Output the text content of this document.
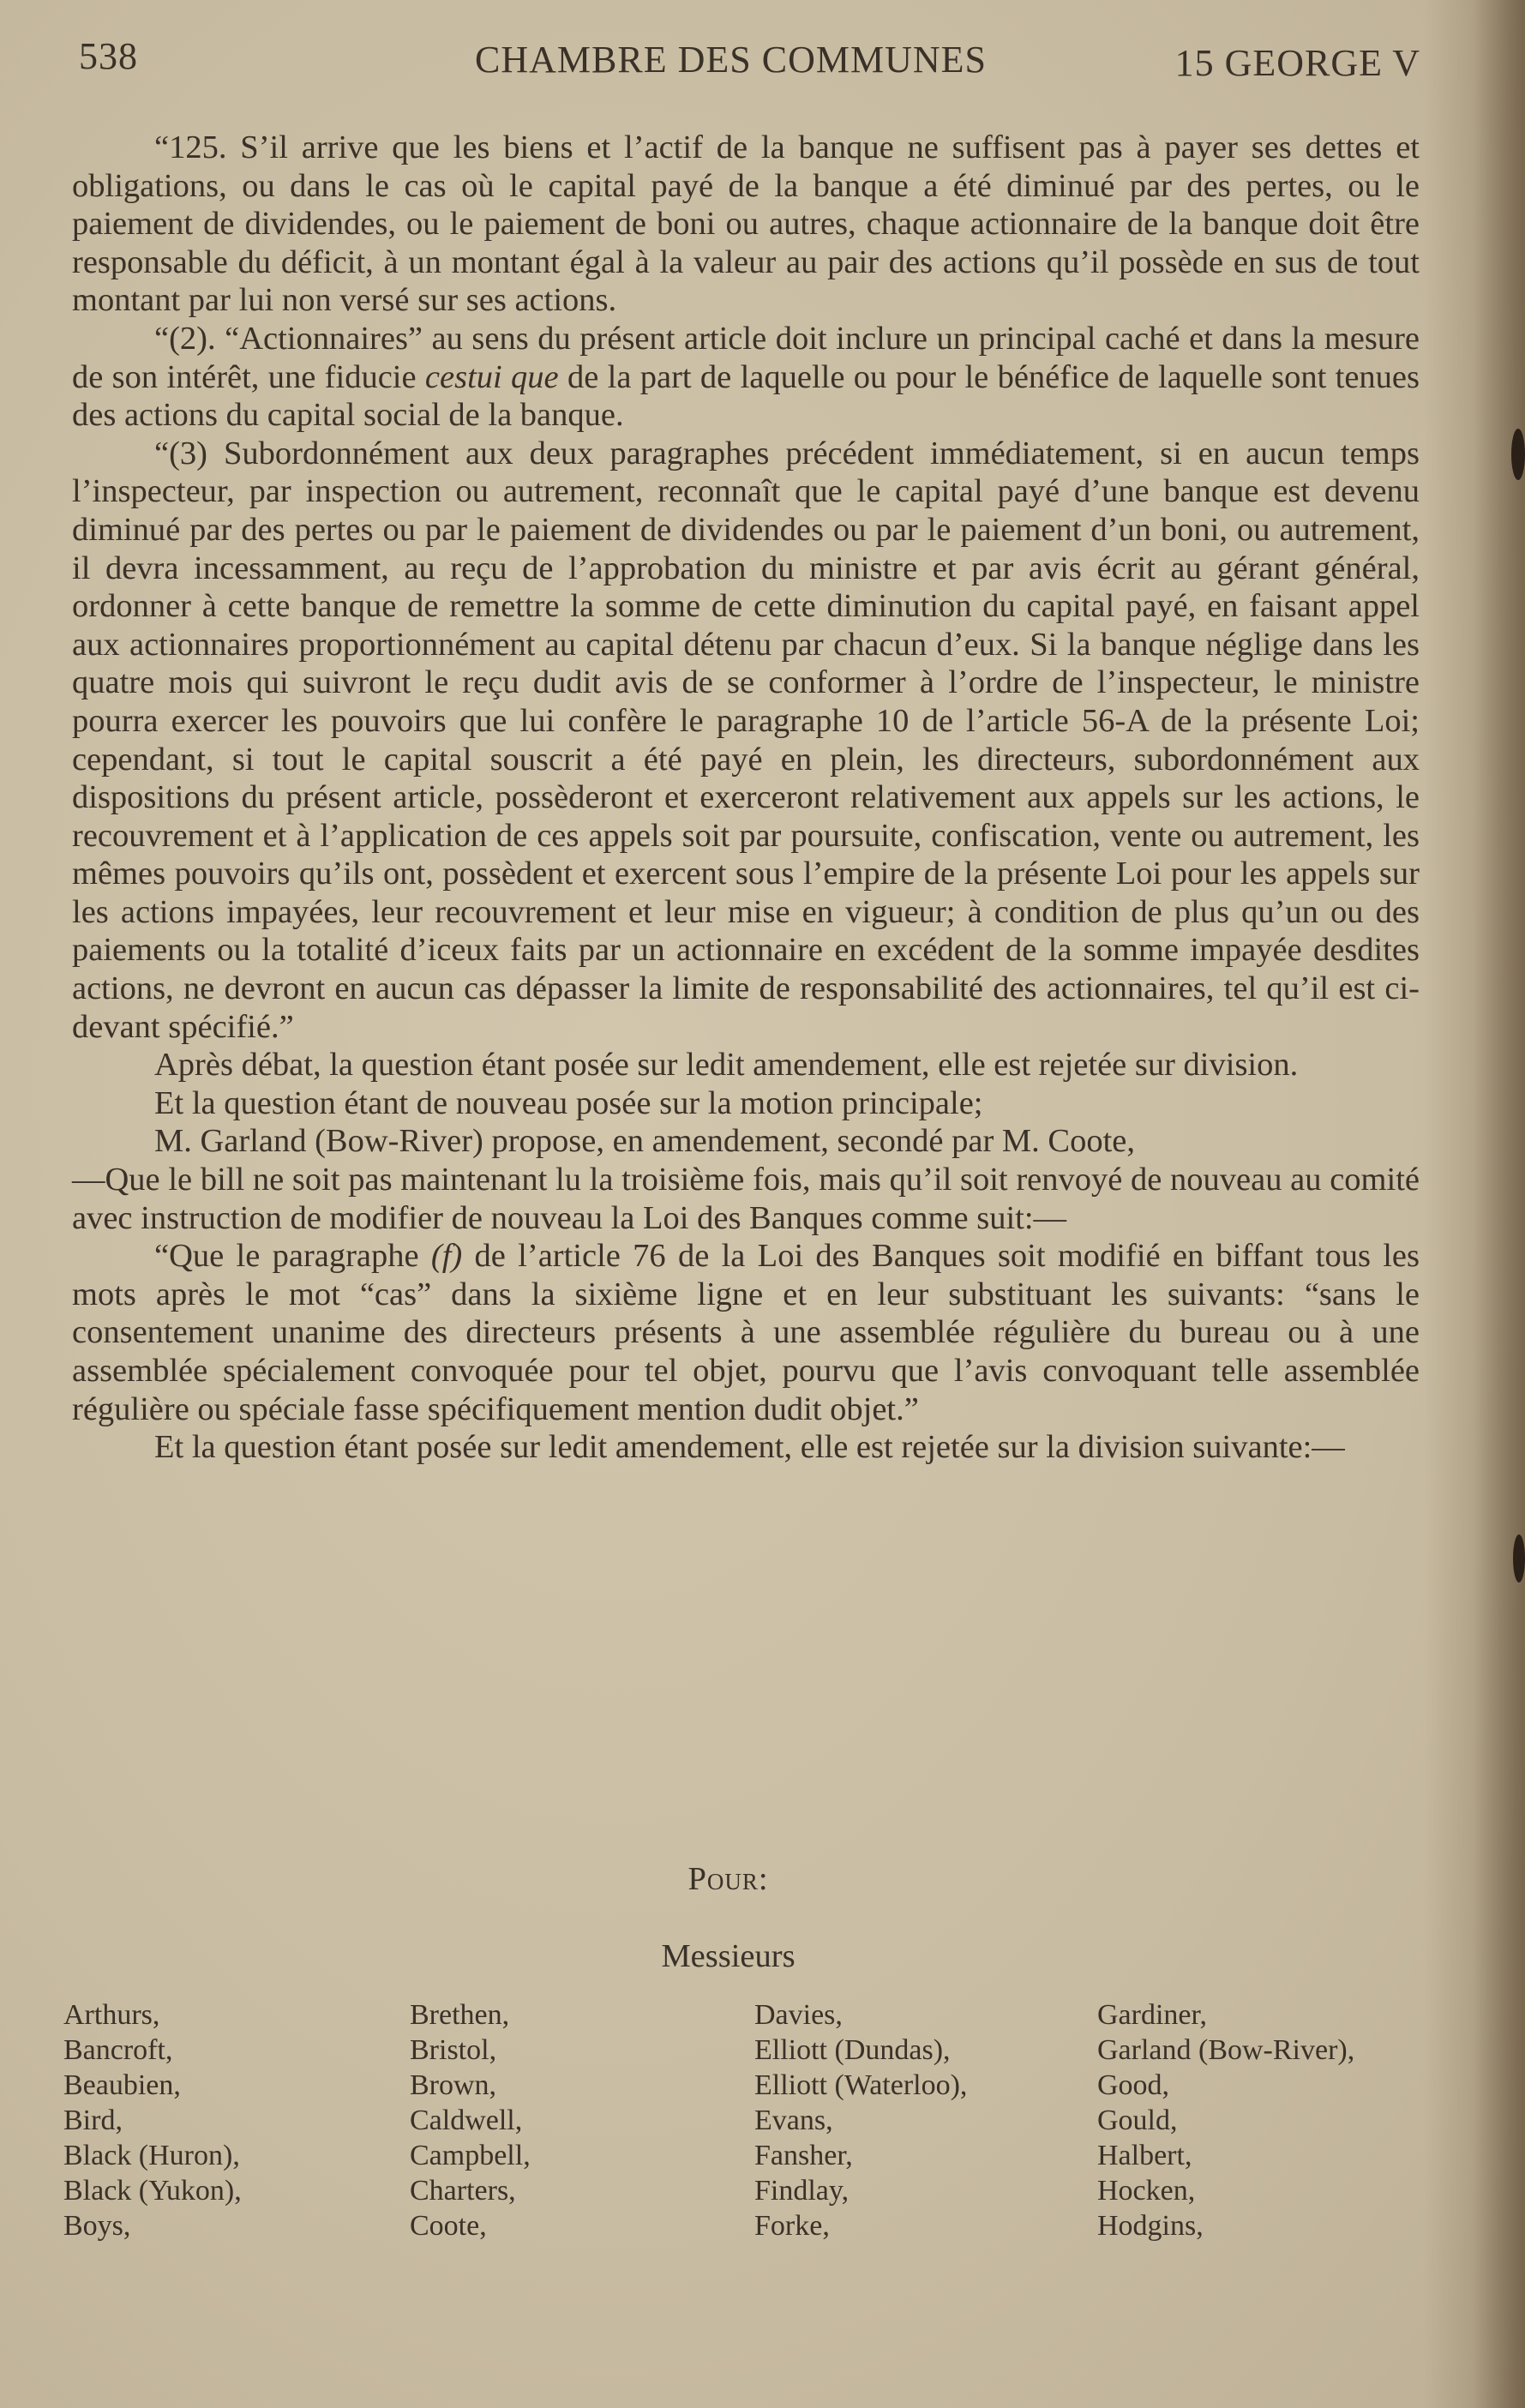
538	CHAMBRE DES COMMUNES	15 GEORGE V

“125. S’il arrive que les biens et l’actif de la banque ne suffisent pas à payer ses dettes et obligations, ou dans le cas où le capital payé de la banque a été diminué par des pertes, ou le paiement de dividendes, ou le paiement de boni ou autres, chaque actionnaire de la banque doit être responsable du déficit, à un montant égal à la valeur au pair des actions qu’il possède en sus de tout montant par lui non versé sur ses actions.

“(2). “Actionnaires” au sens du présent article doit inclure un principal caché et dans la mesure de son intérêt, une fiducie cestui que de la part de laquelle ou pour le bénéfice de laquelle sont tenues des actions du capital social de la banque.

“(3) Subordonnément aux deux paragraphes précédent immédiatement, si en aucun temps l’inspecteur, par inspection ou autrement, reconnaît que le capital payé d’une banque est devenu diminué par des pertes ou par le paiement de dividendes ou par le paiement d’un boni, ou autrement, il devra incessamment, au reçu de l’approbation du ministre et par avis écrit au gérant général, ordonner à cette banque de remettre la somme de cette diminution du capital payé, en faisant appel aux actionnaires proportionnément au capital détenu par chacun d’eux. Si la banque néglige dans les quatre mois qui suivront le reçu dudit avis de se conformer à l’ordre de l’inspecteur, le ministre pourra exercer les pouvoirs que lui confère le paragraphe 10 de l’article 56-A de la présente Loi; cependant, si tout le capital souscrit a été payé en plein, les directeurs, subordonnément aux dispositions du présent article, possèderont et exerceront relativement aux appels sur les actions, le recouvrement et à l’application de ces appels soit par poursuite, confiscation, vente ou autrement, les mêmes pouvoirs qu’ils ont, possèdent et exercent sous l’empire de la présente Loi pour les appels sur les actions impayées, leur recouvrement et leur mise en vigueur; à condition de plus qu’un ou des paiements ou la totalité d’iceux faits par un actionnaire en excédent de la somme impayée desdites actions, ne devront en aucun cas dépasser la limite de responsabilité des actionnaires, tel qu’il est ci-devant spécifié.”

Après débat, la question étant posée sur ledit amendement, elle est rejetée sur division.

Et la question étant de nouveau posée sur la motion principale;

M. Garland (Bow-River) propose, en amendement, secondé par M. Coote,

—Que le bill ne soit pas maintenant lu la troisième fois, mais qu’il soit renvoyé de nouveau au comité avec instruction de modifier de nouveau la Loi des Banques comme suit:—

“Que le paragraphe (f) de l’article 76 de la Loi des Banques soit modifié en biffant tous les mots après le mot “cas” dans la sixième ligne et en leur substituant les suivants: “sans le consentement unanime des directeurs présents à une assemblée régulière du bureau ou à une assemblée spécialement convoquée pour tel objet, pourvu que l’avis convoquant telle assemblée régulière ou spéciale fasse spécifiquement mention dudit objet.”

Et la question étant posée sur ledit amendement, elle est rejetée sur la division suivante:—

Pour:
Messieurs
Arthurs,
Bancroft,
Beaubien,
Bird,
Black (Huron),
Black (Yukon),
Boys,
Brethen,
Bristol,
Brown,
Caldwell,
Campbell,
Charters,
Coote,
Davies,
Elliott (Dundas),
Elliott (Waterloo),
Evans,
Fansher,
Findlay,
Forke,
Gardiner,
Garland (Bow-River),
Good,
Gould,
Halbert,
Hocken,
Hodgins,
